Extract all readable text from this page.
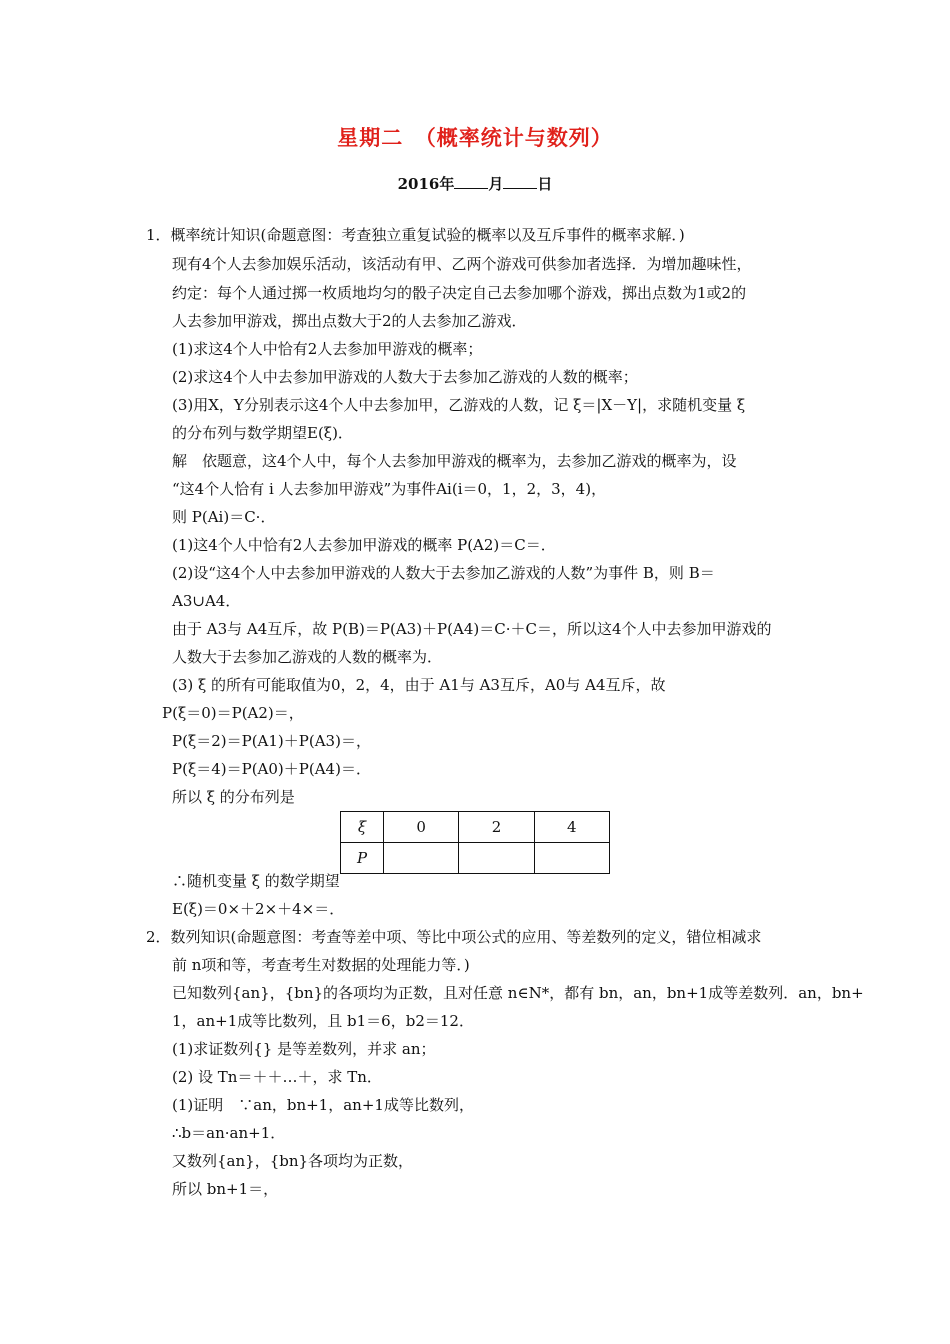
星期二　（概率统计与数列）
2016年 月 日
1．概率统计知识(命题意图：考查独立重复试验的概率以及互斥事件的概率求解．)
现有4个人去参加娱乐活动，该活动有甲、乙两个游戏可供参加者选择．为增加趣味性，
约定：每个人通过掷一枚质地均匀的骰子决定自己去参加哪个游戏，掷出点数为1或2的
人去参加甲游戏，掷出点数大于2的人去参加乙游戏．
(1)求这4个人中恰有2人去参加甲游戏的概率；
(2)求这4个人中去参加甲游戏的人数大于去参加乙游戏的人数的概率；
(3)用X，Y分别表示这4个人中去参加甲，乙游戏的人数，记 ξ＝|X－Y|，求随机变量 ξ
的分布列与数学期望E(ξ)．
解　依题意，这4个人中，每个人去参加甲游戏的概率为，去参加乙游戏的概率为，设
“这4个人恰有 i 人去参加甲游戏”为事件Ai(i＝0，1，2，3，4)，
则 P(Ai)＝C·．
(1)这4个人中恰有2人去参加甲游戏的概率 P(A2)＝C＝．
(2)设“这4个人中去参加甲游戏的人数大于去参加乙游戏的人数”为事件 B，则 B＝
A3∪A4．
由于 A3与 A4互斥，故 P(B)＝P(A3)＋P(A4)＝C·＋C＝，所以这4个人中去参加甲游戏的
人数大于去参加乙游戏的人数的概率为．
(3) ξ 的所有可能取值为0，2，4，由于 A1与 A3互斥，A0与 A4互斥，故
P(ξ＝0)＝P(A2)＝，
P(ξ＝2)＝P(A1)＋P(A3)＝，
P(ξ＝4)＝P(A0)＋P(A4)＝．
所以 ξ 的分布列是
ξ	0	2	4
P			
∴随机变量 ξ 的数学期望
E(ξ)＝0×＋2×＋4×＝．
2．数列知识(命题意图：考查等差中项、等比中项公式的应用、等差数列的定义，错位相减求
前 n项和等，考查考生对数据的处理能力等．)
已知数列{an}，{bn}的各项均为正数，且对任意 n∈N*，都有 bn，an，bn+1成等差数列．an，bn+
1，an+1成等比数列，且 b1＝6，b2＝12．
(1)求证数列{} 是等差数列，并求 an；
(2) 设 Tn＝＋＋…＋，求 Tn．
(1)证明　∵an，bn+1，an+1成等比数列，
∴b＝an·an+1．
又数列{an}，{bn}各项均为正数，
所以 bn+1＝，
